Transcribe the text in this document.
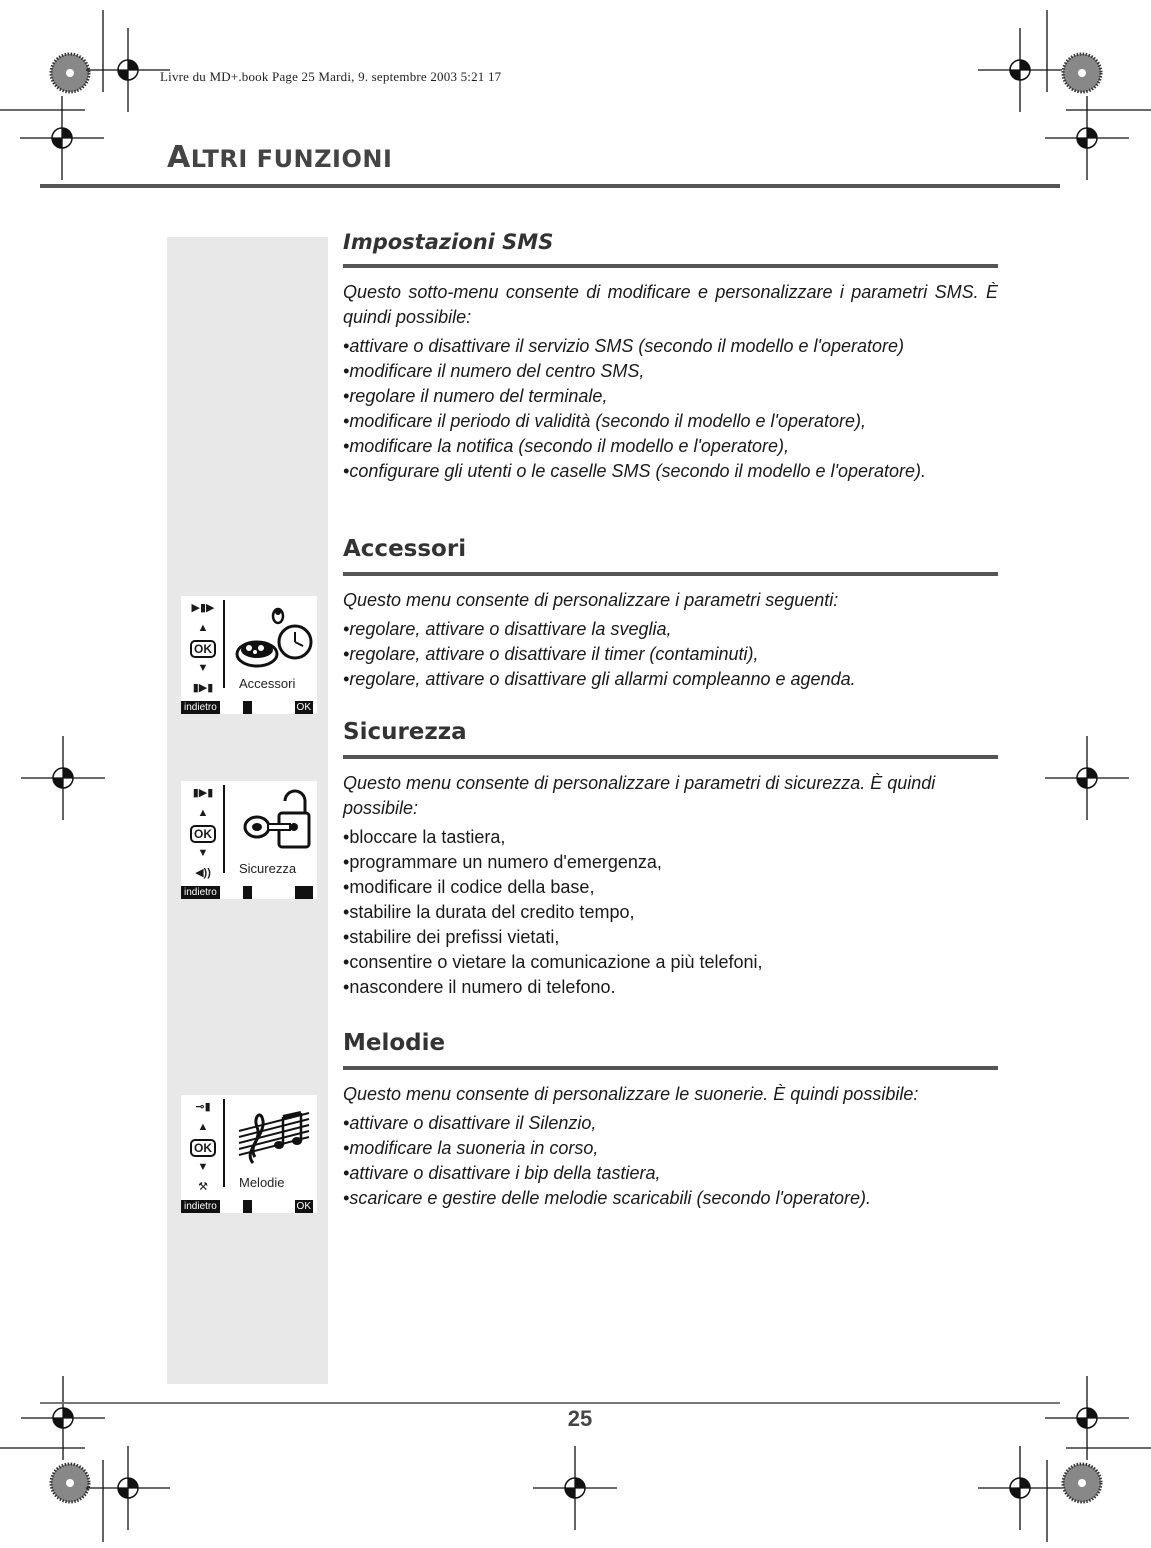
Livre du MD+.book Page 25 Mardi, 9. septembre 2003 5:21 17
ALTRI FUNZIONI
Impostazioni SMS
Questo sotto-menu consente di modificare e personalizzare i parametri SMS. È quindi possibile:
• attivare o disattivare il servizio SMS (secondo il modello e l'operatore)
• modificare il numero del centro SMS,
• regolare il numero del terminale,
• modificare il periodo di validità (secondo il modello e l'operatore),
• modificare la notifica (secondo il modello e l'operatore),
• configurare gli utenti o le caselle SMS (secondo il modello e l'operatore).
Accessori
Questo menu consente di personalizzare i parametri seguenti:
• regolare, attivare o disattivare la sveglia,
• regolare, attivare o disattivare il timer (contaminuti),
• regolare, attivare o disattivare gli allarmi compleanno e agenda.
Sicurezza
Questo menu consente di personalizzare i parametri di sicurezza. È quindi possibile:
• bloccare la tastiera,
• programmare un numero d'emergenza,
• modificare il codice della base,
• stabilire la durata del credito tempo,
• stabilire dei prefissi vietati,
• consentire o vietare la comunicazione a più telefoni,
• nascondere il numero di telefono.
Melodie
Questo menu consente di personalizzare le suonerie. È quindi possibile:
• attivare o disattivare il Silenzio,
• modificare la suoneria in corso,
• attivare o disattivare i bip della tastiera,
• scaricare e gestire delle melodie scaricabili (secondo l'operatore).
▶▮▶
▲
OK
▼
▮▶▮	Accessori
indietro	OK
▮▶▮
▲
OK
▼
◀))	Sicurezza
indietro
⊸▮
▲
OK
▼
⚒	Melodie
indietro	OK
25
